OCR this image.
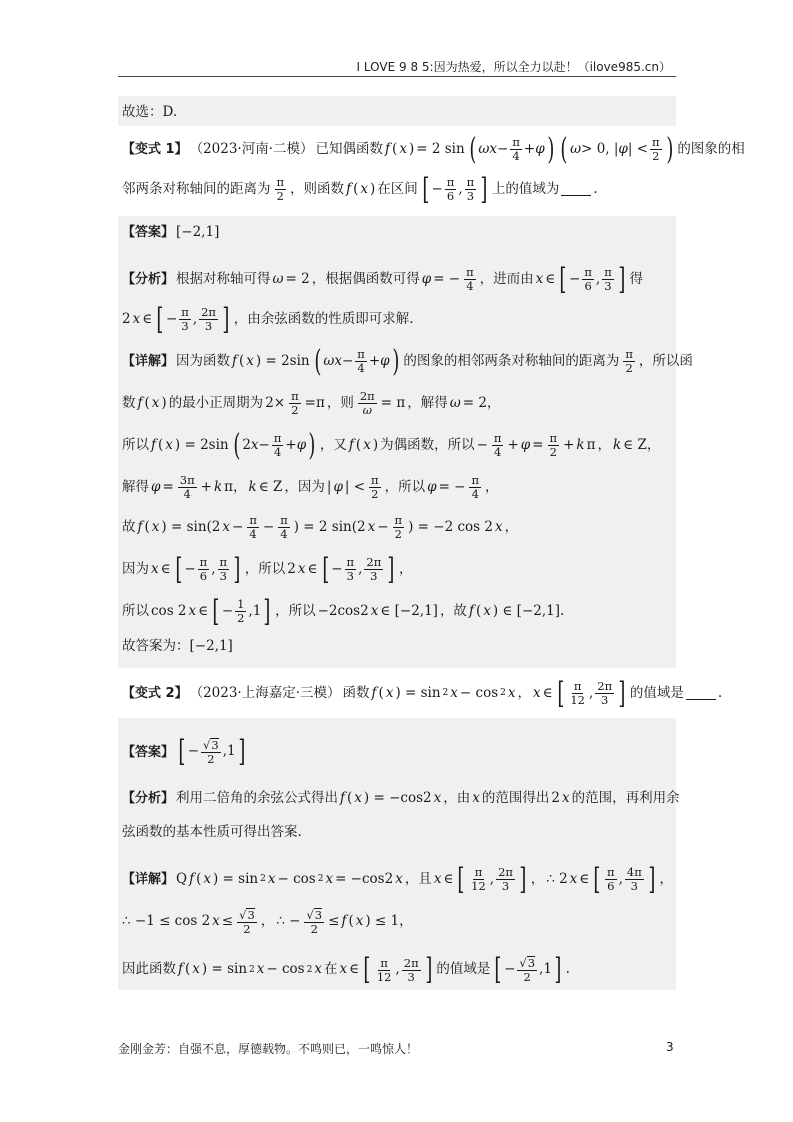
I LOVE 9 8 5:因为热爱，所以全力以赴！（ilove985.cn）
故选：D.
【变式 1】 （2023·河南·二模） 已知偶函数 f ( x ) = 2 sin ( $\omega x - \frac{\pi}{4} + \varphi$ ) ( ω > 0, | φ | < $\frac{\pi}{2}$ ) 的图象的相
邻两条对称轴间的距离为 $\frac{\pi}{2}$ ，则函数 f ( x ) 在区间 [ − $\frac{\pi}{6}$ , $\frac{\pi}{3}$ ] 上的值域为	.
【答案】 [−2,1]
【分析】 根据对称轴可得 ω = 2 ，根据偶函数可得 φ = − $\frac{\pi}{4}$ ，进而由 x ∈ [ − $\frac{\pi}{6}$ , $\frac{\pi}{3}$ ] 得
2 x ∈ [ − $\frac{\pi}{3}$ , $\frac{2\pi}{3}$ ] ，由余弦函数的性质即可求解.
【详解】 因为函数 f ( x ) = 2sin ( $\omega x - \frac{\pi}{4} + \varphi$ ) 的图象的相邻两条对称轴间的距离为 $\frac{\pi}{2}$ ，所以函
数 f ( x ) 的最小正周期为 $2\times \frac{\pi}{2} =\pi$ ，则 $\frac{2\pi}{\omega} = \pi$ ，解得 ω = 2，
所以 f ( x ) = 2sin ( 2 $x - \frac{\pi}{4} + \varphi$ ) ，又 f ( x ) 为偶函数，所以 − $\frac{\pi}{4} + \varphi = \frac{\pi}{2} + k$ π ， k ∈ Z，
解得 $\varphi = \frac{3\pi}{4} + k$ π， k ∈ Z ，因为 | φ | < $\frac{\pi}{2}$ ，所以 φ = − $\frac{\pi}{4}$ ，
故 f ( x ) = sin(2 $x - \frac{\pi}{4} - \frac{\pi}{4}$ ) = 2 sin(2 $x - \frac{\pi}{2}$ ) = −2 cos 2 x ，
因为 x ∈ [ − $\frac{\pi}{6}$ , $\frac{\pi}{3}$ ] ，所以 2 x ∈ [ − $\frac{\pi}{3}$ , $\frac{2\pi}{3}$ ] ，
所以 cos 2 x ∈ [ − $\frac{1}{2} ,1$ ] ，所以 −2cos2 x ∈ [−2,1] ，故 f ( x ) ∈ [−2,1].
故答案为：[−2,1]
【变式 2】 （2023·上海嘉定·三模） 函数 f ( x ) = sin 2 x − cos 2 x ， x ∈ [ $\frac{\pi}{12}$ , $\frac{2\pi}{3}$ ] 的值域是	.
【答案】 [ − $\frac{√3}{2} ,1$ ]
【分析】 利用二倍角的余弦公式得出 f ( x ) = −cos2 x ，由 x 的范围得出 2 x 的范围，再利用余
弦函数的基本性质可得出答案.
【详解】 Q f ( x ) = sin 2 x − cos 2 x = −cos2 x ，且 x ∈ [ $\frac{\pi}{12}$ , $\frac{2\pi}{3}$ ] ， ∴ 2 x ∈ [ $\frac{\pi}{6}$ , $\frac{4\pi}{3}$ ] ，
∴ −1 ≤ cos 2 $x \le \frac{√3}{2}$ ， ∴ − $\frac{√3}{2} \le f$ ( x ) ≤ 1，
因此函数 f ( x ) = sin 2 x − cos 2 x 在 x ∈ [ $\frac{\pi}{12}$ , $\frac{2\pi}{3}$ ] 的值域是 [ − $\frac{√3}{2} ,1$ ] .
金刚金芳：自强不息，厚德载物。不鸣则已，一鸣惊人！	3
